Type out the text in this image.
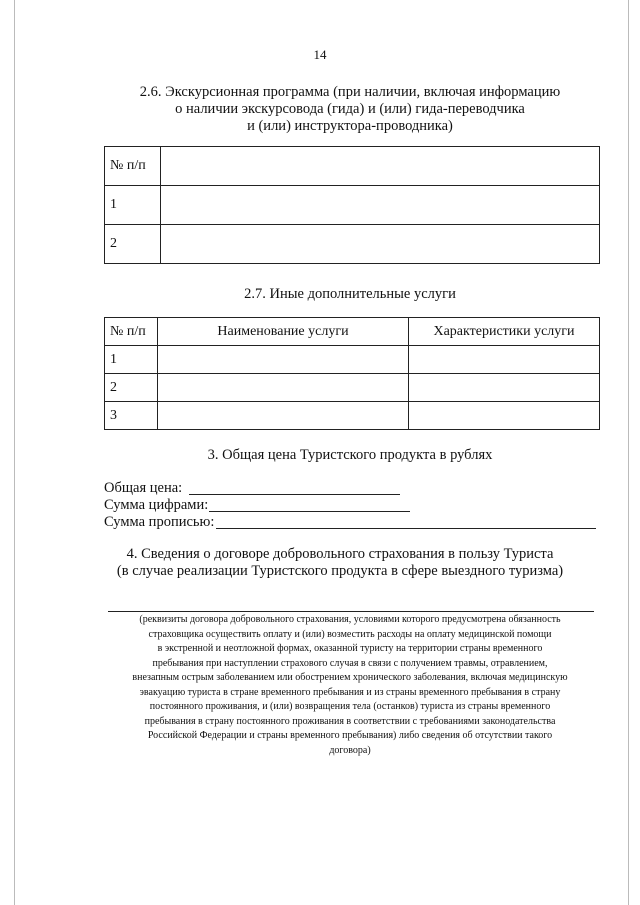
14
2.6. Экскурсионная программа (при наличии, включая информацию
о наличии экскурсовода (гида) и (или) гида-переводчика
и (или) инструктора-проводника)
№ п/п	
1	
2	
2.7. Иные дополнительные услуги
№ п/п	Наименование услуги	Характеристики услуги
1		
2		
3		
3. Общая цена Туристского продукта в рублях
Общая цена:
Сумма цифрами:
Сумма прописью:
4. Сведения о договоре добровольного страхования в пользу Туриста
(в случае реализации Туристского продукта в сфере выездного туризма)
(реквизиты договора добровольного страхования, условиями которого предусмотрена обязанность
страховщика осуществить оплату и (или) возместить расходы на оплату медицинской помощи
в экстренной и неотложной формах, оказанной туристу на территории страны временного
пребывания при наступлении страхового случая в связи с получением травмы, отравлением,
внезапным острым заболеванием или обострением хронического заболевания, включая медицинскую
эвакуацию туриста в стране временного пребывания и из страны временного пребывания в страну
постоянного проживания, и (или) возвращения тела (останков) туриста из страны временного
пребывания в страну постоянного проживания в соответствии с требованиями законодательства
Российской Федерации и страны временного пребывания) либо сведения об отсутствии такого
договора)
